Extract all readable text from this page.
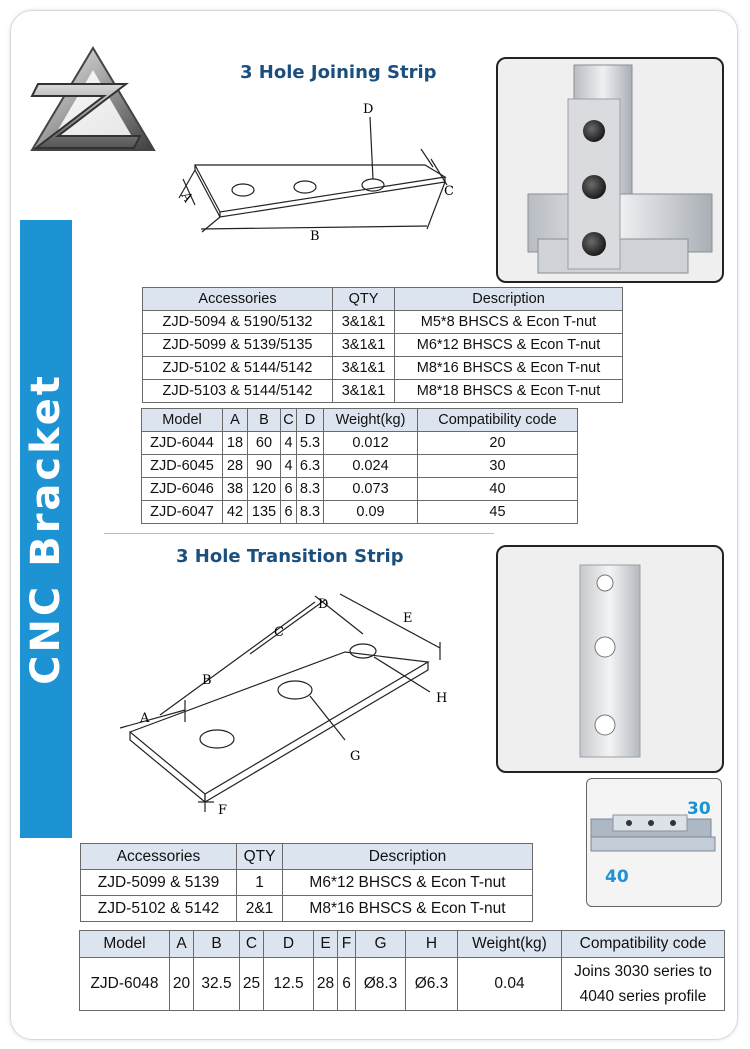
CNC Bracket
3 Hole Joining Strip
A
B
C
D
Accessories	QTY	Description
ZJD-5094 & 5190/5132	3&1&1	M5*8 BHSCS & Econ T-nut
ZJD-5099 & 5139/5135	3&1&1	M6*12 BHSCS & Econ T-nut
ZJD-5102 & 5144/5142	3&1&1	M8*16 BHSCS & Econ T-nut
ZJD-5103 & 5144/5142	3&1&1	M8*18 BHSCS & Econ T-nut
Model	A	B	C	D	Weight(kg)	Compatibility code
ZJD-6044	18	60	4	5.3	0.012	20
ZJD-6045	28	90	4	6.3	0.024	30
ZJD-6046	38	120	6	8.3	0.073	40
ZJD-6047	42	135	6	8.3	0.09	45
3 Hole Transition Strip
A
B
C
D
E
F
G
H
30
40
Accessories	QTY	Description
ZJD-5099 & 5139	1	M6*12 BHSCS & Econ T-nut
ZJD-5102 & 5142	2&1	M8*16 BHSCS & Econ T-nut
Model	A	B	C	D	E	F	G	H	Weight(kg)	Compatibility code
ZJD-6048	20	32.5	25	12.5	28	6	Ø8.3	Ø6.3	0.04	Joins 3030 series to 4040 series profile
